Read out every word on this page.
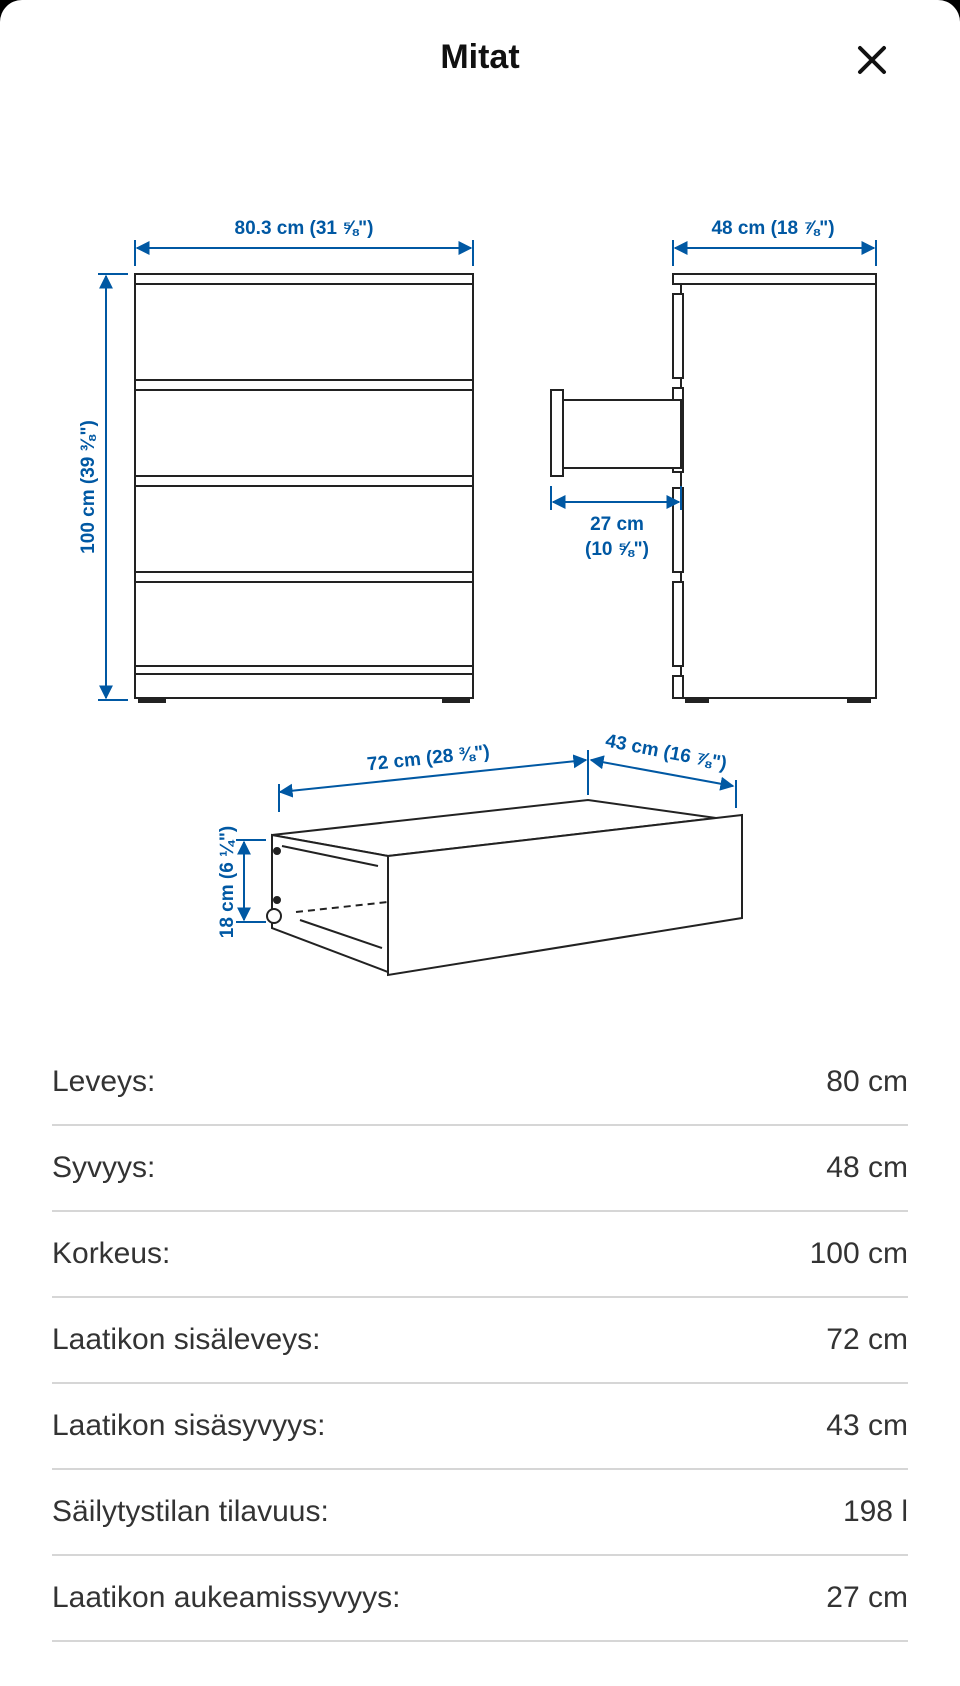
Mitat
80.3 cm (31 ⅝")
100 cm (39 ⅜")
48 cm (18 ⅞")
27 cm
(10 ⅝")
72 cm (28 ⅜")	43 cm (16 ⅞")
18 cm (6 ¼")
Leveys:	80 cm
Syvyys:	48 cm
Korkeus:	100 cm
Laatikon sisäleveys:	72 cm
Laatikon sisäsyvyys:	43 cm
Säilytystilan tilavuus:	198 l
Laatikon aukeamissyvyys:	27 cm
